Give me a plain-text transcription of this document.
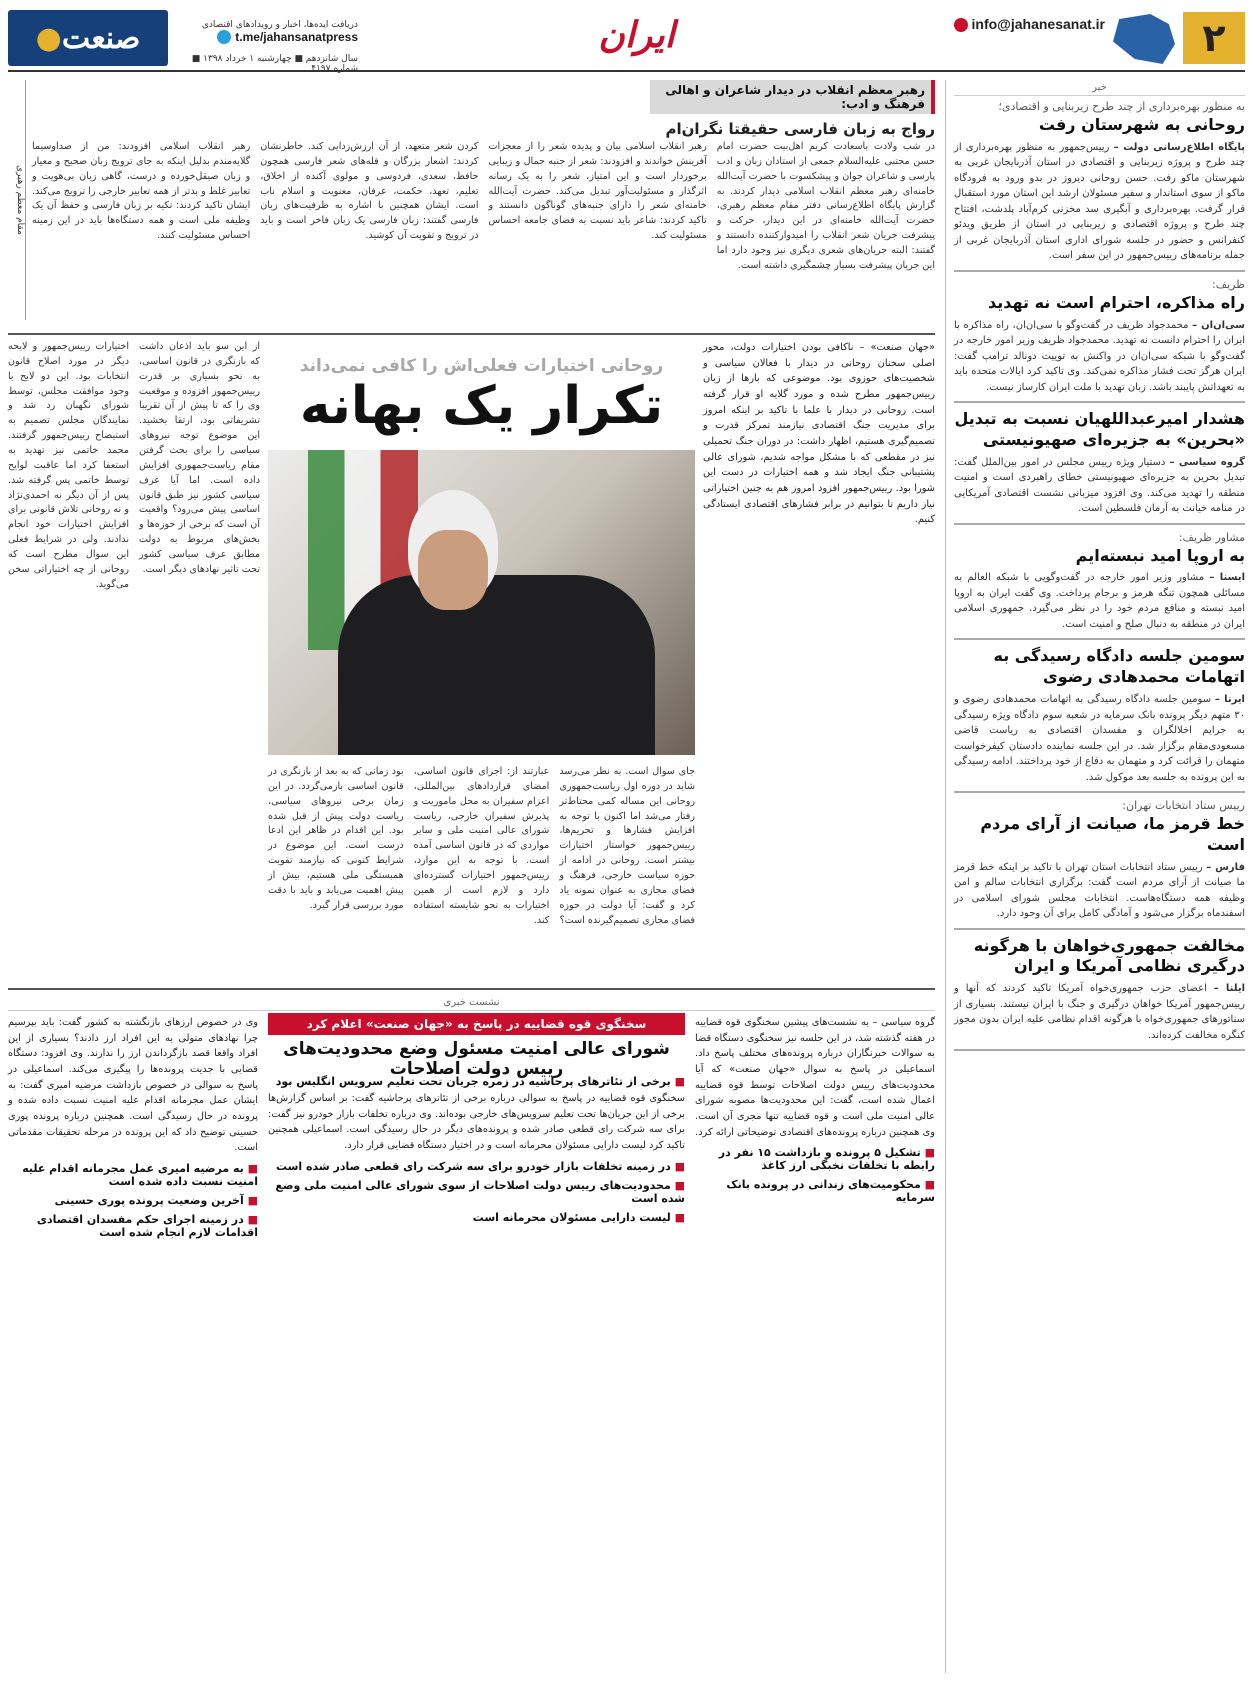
۲
info@jahanesanat.ir
ایران
دریافت ایده‌ها، اخبار و رویدادهای اقتصادی
t.me/jahansanatpress
سال شانزدهم ■ چهارشنبه ۱ خرداد ۱۳۹۸ ■ شماره ۴۱۹۷
صنعت
●
خبر
به منظور بهره‌برداری از چند طرح زیربنایی و اقتصادی؛
روحانی به شهرستان رفت

پایگاه اطلاع‌رسانی دولت – رییس‌جمهور به منظور بهره‌برداری از چند طرح و پروژه زیربنایی و اقتصادی در استان آذربایجان غربی به شهرستان ماکو رفت. حسن روحانی دیروز در بدو ورود به فرودگاه ماکو از سوی استاندار و سفیر مسئولان ارشد این استان مورد استقبال قرار گرفت. بهره‌برداری و آبگیری سد مخزنی کرم‌آباد پلدشت، افتتاح چند طرح و پروژه اقتصادی و زیربنایی در استان از طریق ویدئو کنفرانس و حضور در جلسه شورای اداری استان آذربایجان غربی از جمله برنامه‌های رییس‌جمهور در این سفر است.

ظریف:
راه مذاکره، احترام است نه تهدید

سی‌ان‌ان – محمدجواد ظریف در گفت‌وگو با سی‌ان‌ان، راه مذاکره با ایران را احترام دانست نه تهدید. محمدجواد ظریف وزیر امور خارجه در گفت‌وگو با شبکه سی‌ان‌ان در واکنش به توییت دونالد ترامپ گفت: ایران هرگز تحت فشار مذاکره نمی‌کند. وی تاکید کرد ایالات متحده باید به تعهداتش پایبند باشد. زبان تهدید با ملت ایران کارساز نیست.

هشدار امیرعبداللهیان نسبت به تبدیل «بحرین» به جزیره‌ای صهیونیستی

گروه سیاسی – دستیار ویژه رییس مجلس در امور بین‌الملل گفت: تبدیل بحرین به جزیره‌ای صهیونیستی خطای راهبردی است و امنیت منطقه را تهدید می‌کند. وی افزود میزبانی نشست اقتصادی آمریکایی در منامه خیانت به آرمان فلسطین است.

مشاور ظریف:
به اروپا امید نبسته‌ایم

ایسنا – مشاور وزیر امور خارجه در گفت‌وگویی با شبکه العالم به مسائلی همچون تنگه هرمز و برجام پرداخت. وی گفت ایران به اروپا امید نبسته و منافع مردم خود را در نظر می‌گیرد. جمهوری اسلامی ایران در منطقه به دنبال صلح و امنیت است.

سومین جلسه دادگاه رسیدگی به اتهامات محمدهادی رضوی

ایرنا – سومین جلسه دادگاه رسیدگی به اتهامات محمدهادی رضوی و ۳۰ متهم دیگر پرونده بانک سرمایه در شعبه سوم دادگاه ویژه رسیدگی به جرایم اخلالگران و مفسدان اقتصادی به ریاست قاضی مسعودی‌مقام برگزار شد. در این جلسه نماینده دادستان کیفرخواست متهمان را قرائت کرد و متهمان به دفاع از خود پرداختند. ادامه رسیدگی به این پرونده به جلسه بعد موکول شد.

رییس ستاد انتخابات تهران:
خط قرمز ما، صیانت از آرای مردم است

فارس – رییس ستاد انتخابات استان تهران با تاکید بر اینکه خط قرمز ما صیانت از آرای مردم است گفت: برگزاری انتخابات سالم و امن وظیفه همه دستگاه‌هاست. انتخابات مجلس شورای اسلامی در اسفندماه برگزار می‌شود و آمادگی کامل برای آن وجود دارد.

مخالفت جمهوری‌خواهان با هرگونه درگیری نظامی آمریکا و ایران

ایلنا – اعضای حزب جمهوری‌خواه آمریکا تاکید کردند که آنها و رییس‌جمهور آمریکا خواهان درگیری و جنگ با ایران نیستند. بسیاری از سناتورهای جمهوری‌خواه با هرگونه اقدام نظامی علیه ایران بدون مجوز کنگره مخالفت کرده‌اند.

مقام معظم رهبری
رهبر معظم انقلاب در دیدار شاعران و اهالی فرهنگ و ادب:
رواج به زبان فارسی حقیقتا نگران‌ام

در شب ولادت باسعادت کریم اهل‌بیت حضرت امام حسن مجتبی علیه‌السلام جمعی از استادان زبان و ادب پارسی و شاعران جوان و پیشکسوت با حضرت آیت‌الله خامنه‌ای رهبر معظم انقلاب اسلامی دیدار کردند. به گزارش پایگاه اطلاع‌رسانی دفتر مقام معظم رهبری، حضرت آیت‌الله خامنه‌ای در این دیدار، حرکت و پیشرفت جریان شعر انقلاب را امیدوارکننده دانستند و گفتند: البته جریان‌های شعری دیگری نیز وجود دارد اما این جریان پیشرفت بسیار چشمگیری داشته است.

رهبر انقلاب اسلامی بیان و پدیده شعر را از معجزات آفرینش خواندند و افزودند: شعر از جنبه جمال و زیبایی برخوردار است و این امتیاز، شعر را به یک رسانه اثرگذار و مسئولیت‌آور تبدیل می‌کند. حضرت آیت‌الله خامنه‌ای شعر را دارای جنبه‌های گوناگون دانستند و تاکید کردند: شاعر باید نسبت به فضای جامعه احساس مسئولیت کند.

کردن شعر متعهد، از آن ارزش‌زدایی کند. خاطرنشان کردند: اشعار بزرگان و قله‌های شعر فارسی همچون حافظ، سعدی، فردوسی و مولوی آکنده از اخلاق، تعلیم، تعهد، حکمت، عرفان، معنویت و اسلام ناب است. ایشان همچنین با اشاره به ظرفیت‌های زبان فارسی گفتند: زبان فارسی یک زبان فاخر است و باید در ترویج و تقویت آن کوشید.

رهبر انقلاب اسلامی افزودند: من از صداوسیما گلایه‌مندم بدلیل اینکه به جای ترویج زبان صحیح و معیار و زبان صیقل‌خورده و درست، گاهی زبان بی‌هویت و تعابیر غلط و بدتر از همه تعابیر خارجی را ترویج می‌کند. ایشان تاکید کردند: تکیه بر زبان فارسی و حفظ آن یک وظیفه ملی است و همه دستگاه‌ها باید در این زمینه احساس مسئولیت کنند.

«جهان صنعت» – ناکافی بودن اختیارات دولت، محور اصلی سخنان روحانی در دیدار با فعالان سیاسی و شخصیت‌های حوزوی بود. موضوعی که بارها از زبان رییس‌جمهور مطرح شده و مورد گلایه او قرار گرفته است. روحانی در دیدار با علما با تاکید بر اینکه امروز برای مدیریت جنگ اقتصادی نیازمند تمرکز قدرت و تصمیم‌گیری هستیم، اظهار داشت: در دوران جنگ تحمیلی نیز در مقطعی که با مشکل مواجه شدیم، شورای عالی پشتیبانی جنگ ایجاد شد و همه اختیارات در دست این شورا بود. رییس‌جمهور افزود امروز هم به چنین اختیاراتی نیاز داریم تا بتوانیم در برابر فشارهای اقتصادی ایستادگی کنیم.

روحانی اختیارات فعلی‌اش را کافی نمی‌داند
تکرار یک بهانه

جای سوال است. به نظر می‌رسد شاید در دوره اول ریاست‌جمهوری روحانی این مساله کمی محتاط‌تر رفتار می‌شد اما اکنون با توجه به افزایش فشارها و تحریم‌ها، رییس‌جمهور خواستار اختیارات بیشتر است. روحانی در ادامه از حوزه سیاست خارجی، فرهنگ و فضای مجازی به عنوان نمونه یاد کرد و گفت: آیا دولت در حوزه فضای مجازی تصمیم‌گیرنده است؟

عبارتند از: اجرای قانون اساسی، امضای قراردادهای بین‌المللی، اعزام سفیران به محل ماموریت و پذیرش سفیران خارجی، ریاست شورای عالی امنیت ملی و سایر مواردی که در قانون اساسی آمده است. با توجه به این موارد، رییس‌جمهور اختیارات گسترده‌ای دارد و لازم است از همین اختیارات به نحو شایسته استفاده کند.

بود زمانی که به بعد از بازنگری در قانون اساسی بازمی‌گردد. در این زمان برخی نیروهای سیاسی، ریاست دولت پیش از قبل شده بود. این اقدام در ظاهر این ادعا درست است. این موضوع در شرایط کنونی که نیازمند تقویت همبستگی ملی هستیم، بیش از پیش اهمیت می‌یابد و باید با دقت مورد بررسی قرار گیرد.

از این سو باید اذعان داشت که بازنگری در قانون اساسی، به نحو بسیاری بر قدرت رییس‌جمهور افزوده و موقعیت وی را که تا پیش از آن تقریبا تشریفاتی بود، ارتقا بخشید. این موضوع توجه نیروهای سیاسی را برای بحث گرفتن مقام ریاست‌جمهوری افزایش داده است. اما آیا عرف سیاسی کشور نیز طبق قانون اساسی پیش می‌رود؟ واقعیت آن است که برخی از حوزه‌ها و بخش‌های مربوط به دولت مطابق عرف سیاسی کشور تحت تاثیر نهادهای دیگر است.

اختیارات رییس‌جمهور و لایحه دیگر در مورد اصلاح قانون انتخابات بود. این دو لایح با وجود موافقت مجلس، توسط شورای نگهبان رد شد و نمایندگان مجلس تصمیم به استیضاح رییس‌جمهور گرفتند. محمد خاتمی نیز تهدید به استعفا کرد اما عاقبت لوایح توسط خاتمی پس گرفته شد. پس از آن دیگر نه احمدی‌نژاد و نه روحانی تلاش قانونی برای افزایش اختیارات خود انجام ندادند. ولی در شرایط فعلی این سوال مطرح است که روحانی از چه اختیاراتی سخن می‌گوید.

نشست خبری
سخنگوی قوه قضاییه در پاسخ به «جهان صنعت» اعلام کرد
شورای عالی امنیت مسئول وضع محدودیت‌های رییس دولت اصلاحات

گروه سیاسی – به نشست‌های پیشین سخنگوی قوه قضاییه در هفته گذشته شد، در این جلسه نیز سخنگوی دستگاه قضا به سوالات خبرنگاران درباره پرونده‌های مختلف پاسخ داد. اسماعیلی در پاسخ به سوال «جهان صنعت» که آیا محدودیت‌های رییس دولت اصلاحات توسط قوه قضاییه اعمال شده است، گفت: این محدودیت‌ها مصوبه شورای عالی امنیت ملی است و قوه قضاییه تنها مجری آن است. وی همچنین درباره پرونده‌های اقتصادی توضیحاتی ارائه کرد.

■ تشکیل ۵ پرونده و بازداشت ۱۵ نفر در رابطه با تخلفات نخبگی ارز کاغذ
■ محکومیت‌های زندانی در پرونده بانک سرمایه
■ برخی از تئاترهای پرحاشیه در زمره جریان تحت تعلیم سرویس انگلیس بود

سخنگوی قوه قضاییه در پاسخ به سوالی درباره برخی از تئاترهای پرحاشیه گفت: بر اساس گزارش‌ها برخی از این جریان‌ها تحت تعلیم سرویس‌های خارجی بوده‌اند. وی درباره تخلفات بازار خودرو نیز گفت: برای سه شرکت رای قطعی صادر شده و پرونده‌های دیگر در حال رسیدگی است. اسماعیلی همچنین تاکید کرد لیست دارایی مسئولان محرمانه است و در اختیار دستگاه قضایی قرار دارد.

■ در زمینه تخلفات بازار خودرو برای سه شرکت رای قطعی صادر شده است
■ محدودیت‌های رییس دولت اصلاحات از سوی شورای عالی امنیت ملی وضع شده است
■ لیست دارایی مسئولان محرمانه است

وی در خصوص ارزهای بازنگشته به کشور گفت: باید بپرسیم چرا نهادهای متولی به این افراد ارز دادند؟ بسیاری از این افراد واقعا قصد بازگرداندن ارز را ندارند. وی افزود: دستگاه قضایی با جدیت پرونده‌ها را پیگیری می‌کند. اسماعیلی در پاسخ به سوالی در خصوص بازداشت مرضیه امیری گفت: به ایشان عمل مجرمانه اقدام علیه امنیت نسبت داده شده و پرونده در حال رسیدگی است. همچنین درباره پرونده پوری حسینی توضیح داد که این پرونده در مرحله تحقیقات مقدماتی است.

■ به مرضیه امیری عمل مجرمانه اقدام علیه امنیت نسبت داده شده است
■ آخرین وضعیت پرونده پوری حسینی
■ در زمینه اجرای حکم مفسدان اقتصادی اقدامات لازم انجام شده است
